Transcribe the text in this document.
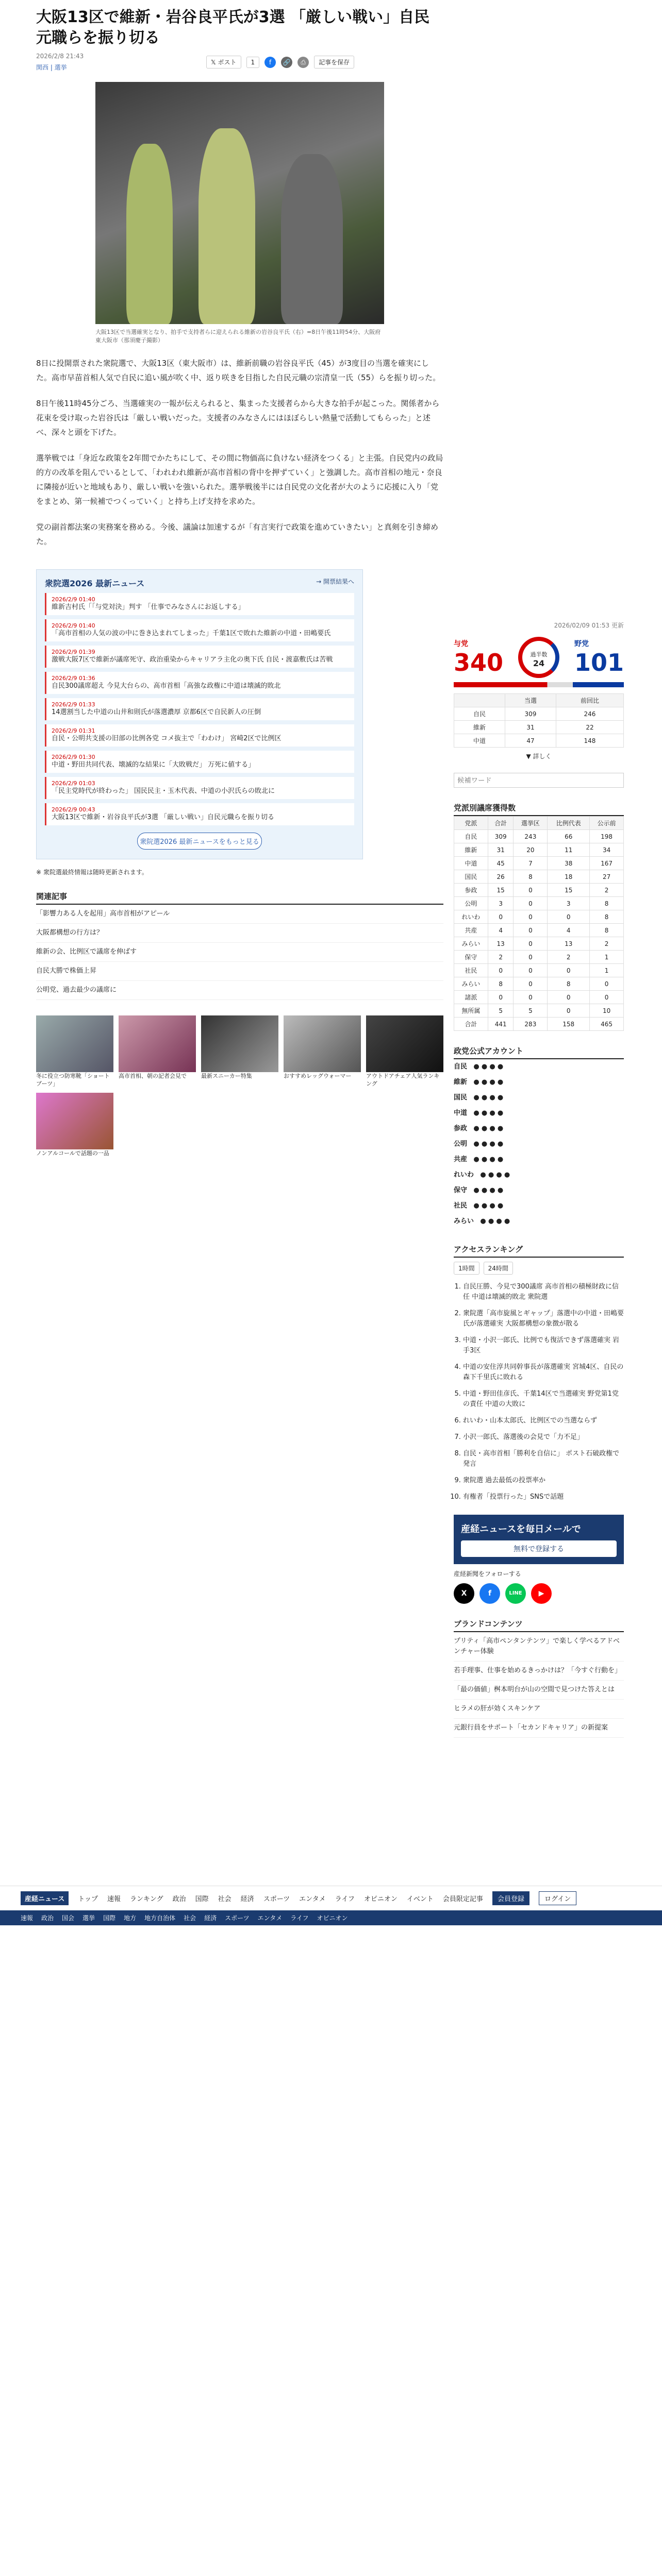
大阪13区で維新・岩谷良平氏が3選 「厳しい戦い」自民元職らを振り切る
2026/2/8 21:43
𝕏 ポスト	1	f	🔗	⎙	記事を保存
関西 | 選挙
大阪13区で当選確実となり、拍手で支持者らに迎えられる維新の岩谷良平氏（右）=8日午後11時54分、大阪府東大阪市（那須慶子撮影）

8日に投開票された衆院選で、大阪13区（東大阪市）は、維新前職の岩谷良平氏（45）が3度目の当選を確実にした。高市早苗首相人気で自民に追い風が吹く中、返り咲きを目指した自民元職の宗清皇一氏（55）らを振り切った。

8日午後11時45分ごろ、当選確実の一報が伝えられると、集まった支援者らから大きな拍手が起こった。関係者から花束を受け取った岩谷氏は「厳しい戦いだった。支援者のみなさんにはほぼらしい熱量で活動してもらった」と述べ、深々と頭を下げた。

選挙戦では「身近な政策を2年間でかたちにして、その間に物価高に負けない経済をつくる」と主張。自民党内の政局的方の改革を阻んでいるとして、「われわれ維新が高市首相の背中を押ずていく」と強調した。高市首相の地元・奈良に隣接が近いと地域もあり、厳しい戦いを強いられた。選挙戦後半には自民党の文化者が大のように応援に入り「党をまとめ、第一候補でつくっていく」と持ち上げ支持を求めた。

党の副首都法案の実務案を務める。今後、議論は加速するが「有言実行で政策を進めていきたい」と真剣を引き締めた。

衆院選2026 最新ニュース	→ 開票結果へ
2026/2/9 01:40
維新吉村氏「「与党対決」判す 「仕事でみなさんにお返しする」
2026/2/9 01:40
「高市首相の人気の波の中に巻き込まれてしまった」千葉1区で敗れた維新の中道・田嶋要氏
2026/2/9 01:39
激戦大阪7区で維新が議席死守、政治重染からキャリアラ主化の奥下氏 自民・渡嘉敷氏は苦戦
2026/2/9 01:36
自民300議席超え 今見大台らの、高市首相「高強な政権に中道は壊滅的敗北
2026/2/9 01:33
14選割当した中道の山井和則氏が落選濃厚 京都6区で自民新人の圧倒
2026/2/9 01:31
自民・公明共支援の旧部の比例各党 コメ抜主で「わわけ」 宮崎2区で比例区
2026/2/9 01:30
中道・野田共同代表、壊滅的な結果に「大敗戦だ」 万死に値する」
2026/2/9 01:03
「民主党時代が終わった」 国民民主・玉木代表、中道の小沢氏らの敗北に
2026/2/9 00:43
大阪13区で維新・岩谷良平氏が3選 「厳しい戦い」自民元職らを振り切る
衆院選2026 最新ニュースをもっと見る

※ 衆院選最終情報は随時更新されます。

関連記事
「影響力ある人を起用」高市首相がアピール
大阪都構想の行方は？
維新の会、比例区で議席を伸ばす
自民大勝で株価上昇
公明党、過去最少の議席に
冬に役立つ防寒靴「ショートブーツ」
高市首相、朝の記者会見で	最新スニーカー特集	おすすめレッグウォーマー	アウトドアチェア人気ランキング
ノンアルコールで話題の一品
2026/02/09 01:53 更新
与党
340	過半数
24
野党
101
	当選	前回比
自民	309	246
維新	31	22
中道	47	148
▼ 詳しく
候補ワード
党派別議席獲得数
党派	合計	選挙区	比例代表	公示前
自民	309	243	66	198
維新	31	20	11	34
中道	45	7	38	167
国民	26	8	18	27
参政	15	0	15	2
公明	3	0	3	8
れいわ	0	0	0	8
共産	4	0	4	8
みらい	13	0	13	2
保守	2	0	2	1
社民	0	0	0	1
みらい	8	0	8	0
諸派	0	0	0	0
無所属	5	5	0	10
合計	441	283	158	465
政党公式アカウント
自民   ● ● ● ●
維新   ● ● ● ●
国民   ● ● ● ●
中道   ● ● ● ●
参政   ● ● ● ●
公明   ● ● ● ●
共産   ● ● ● ●
れいわ   ● ● ● ●
保守   ● ● ● ●
社民   ● ● ● ●
みらい   ● ● ● ●
アクセスランキング
1時間	24時間
1. 自民圧勝、今見で300議席 高市首相の積極財政に信任 中道は壊滅的敗北 衆院選
2. 衆院選「高市旋風とギャップ」落選中の中道・田嶋要氏が落選確実 大阪都構想の象徴が散る
3. 中道・小沢一郎氏、比例でも復活できず落選確実 岩手3区
4. 中道の安住淳共同幹事長が落選確実 宮城4区、自民の森下千里氏に敗れる
5. 中道・野田佳彦氏、千葉14区で当選確実 野党第1党の責任 中道の大敗に
6. れいわ・山本太郎氏、比例区での当選ならず
7. 小沢一郎氏、落選後の会見で「力不足」
8. 自民・高市首相「勝利を自信に」 ポスト石破政権で発言
9. 衆院選 過去最低の投票率か
10. 有権者「投票行った」SNSで話題
産経ニュースを毎日メールで
無料で登録する
産経新聞をフォローする
X	f	LINE	▶
ブランドコンテンツ
プリティ「高市ペンタンテンツ」で楽しく学べるアドベンチャー体験
若手理事、仕事を始めるきっかけは？「今すぐ行動を」
「最の価値」桝本明台が山の空間で見つけた答えとは
ヒラメの肝が効くスキンケア
元銀行員をサポート「セカンドキャリア」の新提案
産経ニュース	トップ 速報 ランキング 政治 国際 社会 経済 スポーツ エンタメ ライフ オピニオン イベント 会員限定記事	会員登録	ログイン
速報 政治 国会 選挙 国際 地方 地方自治体 社会 経済 スポーツ エンタメ ライフ オピニオン
